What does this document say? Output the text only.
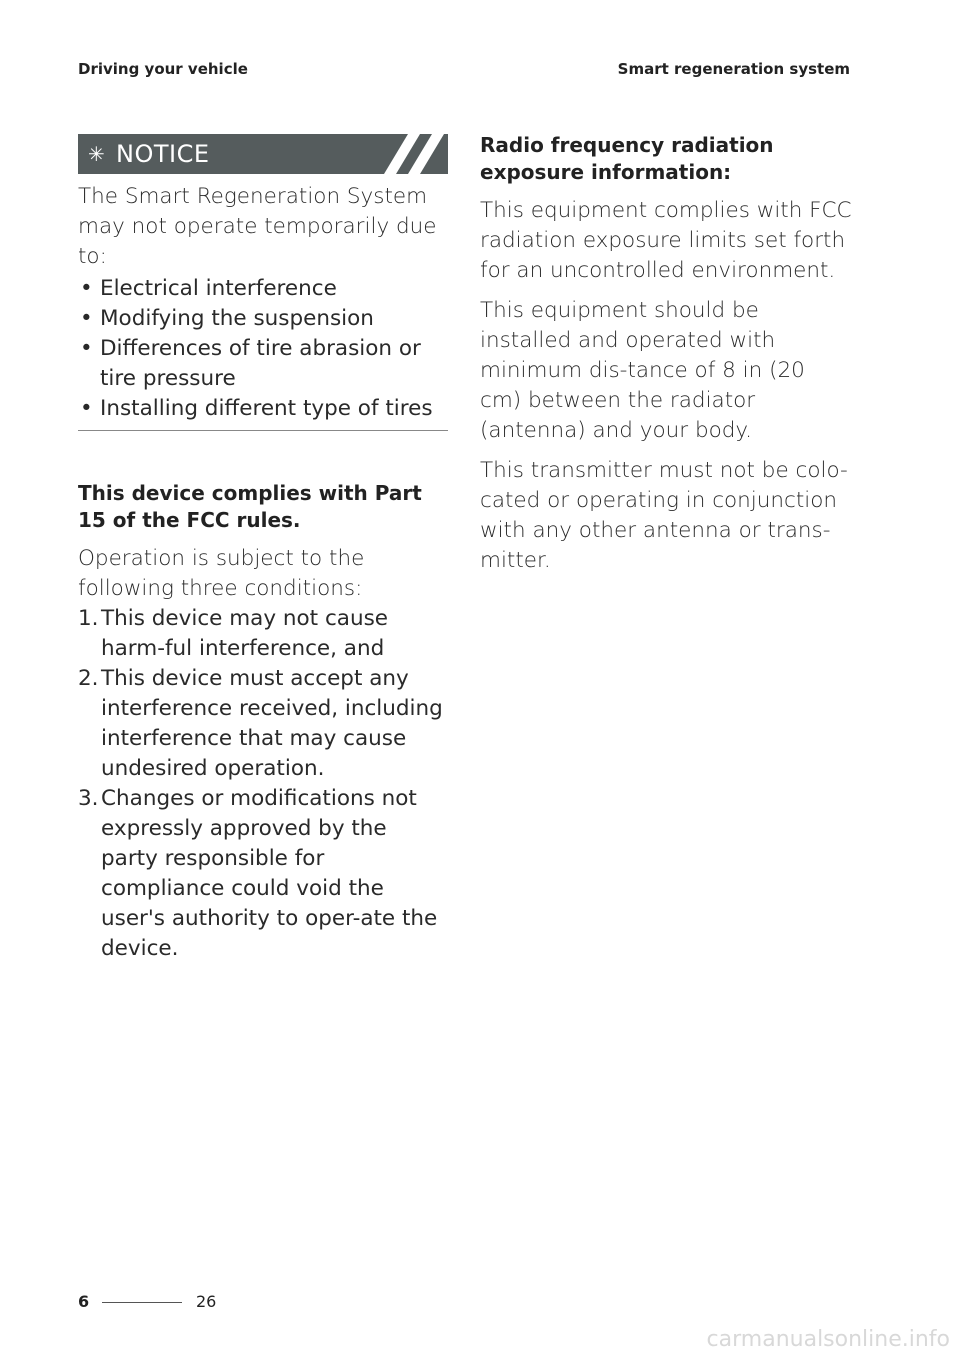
Driving your vehicle	Smart regeneration system
✳ NOTICE

The Smart Regeneration System may not operate temporarily due to:

• Electrical interference
• Modifying the suspension
• Differences of tire abrasion or tire pressure
• Installing different type of tires

This device complies with Part 15 of the FCC rules.

Operation is subject to the following three conditions:

1. This device may not cause harm-ful interference, and
2. This device must accept any interference received, including interference that may cause undesired operation.
3. Changes or modifications not expressly approved by the party responsible for compliance could void the user's authority to oper-ate the device.

Radio frequency radiation exposure information:

This equipment complies with FCC radiation exposure limits set forth for an uncontrolled environment.

This equipment should be installed and operated with minimum dis-tance of 8 in (20 cm) between the radiator (antenna) and your body.

This transmitter must not be colo-cated or operating in conjunction with any other antenna or trans-mitter.

6	26
carmanualsonline.info
